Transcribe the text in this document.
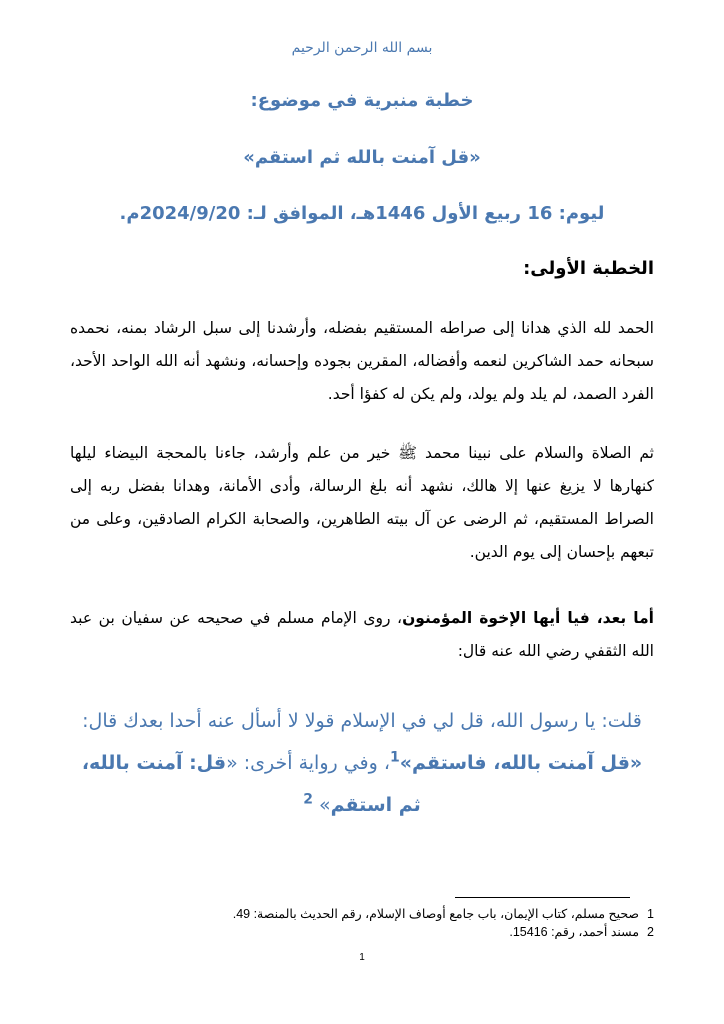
بسم الله الرحمن الرحيم
خطبة منبرية في موضوع:
«قل آمنت بالله ثم استقم»
ليوم: 16 ربيع الأول 1446هـ، الموافق لـ: 2024/9/20م.
الخطبة الأولى:
الحمد لله الذي هدانا إلى صراطه المستقيم بفضله، وأرشدنا إلى سبل الرشاد بمنه، نحمده سبحانه حمد الشاكرين لنعمه وأفضاله، المقرين بجوده وإحسانه، ونشهد أنه الله الواحد الأحد، الفرد الصمد، لم يلد ولم يولد، ولم يكن له كفؤا أحد.
ثم الصلاة والسلام على نبينا محمد ﷺ خير من علم وأرشد، جاءنا بالمحجة البيضاء ليلها كنهارها لا يزيغ عنها إلا هالك، نشهد أنه بلغ الرسالة، وأدى الأمانة، وهدانا بفضل ربه إلى الصراط المستقيم، ثم الرضى عن آل بيته الطاهرين، والصحابة الكرام الصادقين، وعلى من تبعهم بإحسان إلى يوم الدين.
أما بعد، فيا أيها الإخوة المؤمنون، روى الإمام مسلم في صحيحه عن سفيان بن عبد الله الثقفي رضي الله عنه قال:
قلت: يا رسول الله، قل لي في الإسلام قولا لا أسأل عنه أحدا بعدك قال:
«قل آمنت بالله، فاستقم»$^1$، وفي رواية أخرى: «قل: آمنت بالله، ثم استقم» $^2$
1صحيح مسلم، كتاب الإيمان، باب جامع أوصاف الإسلام، رقم الحديث بالمنصة: 49.
2مسند أحمد، رقم: 15416.
1
